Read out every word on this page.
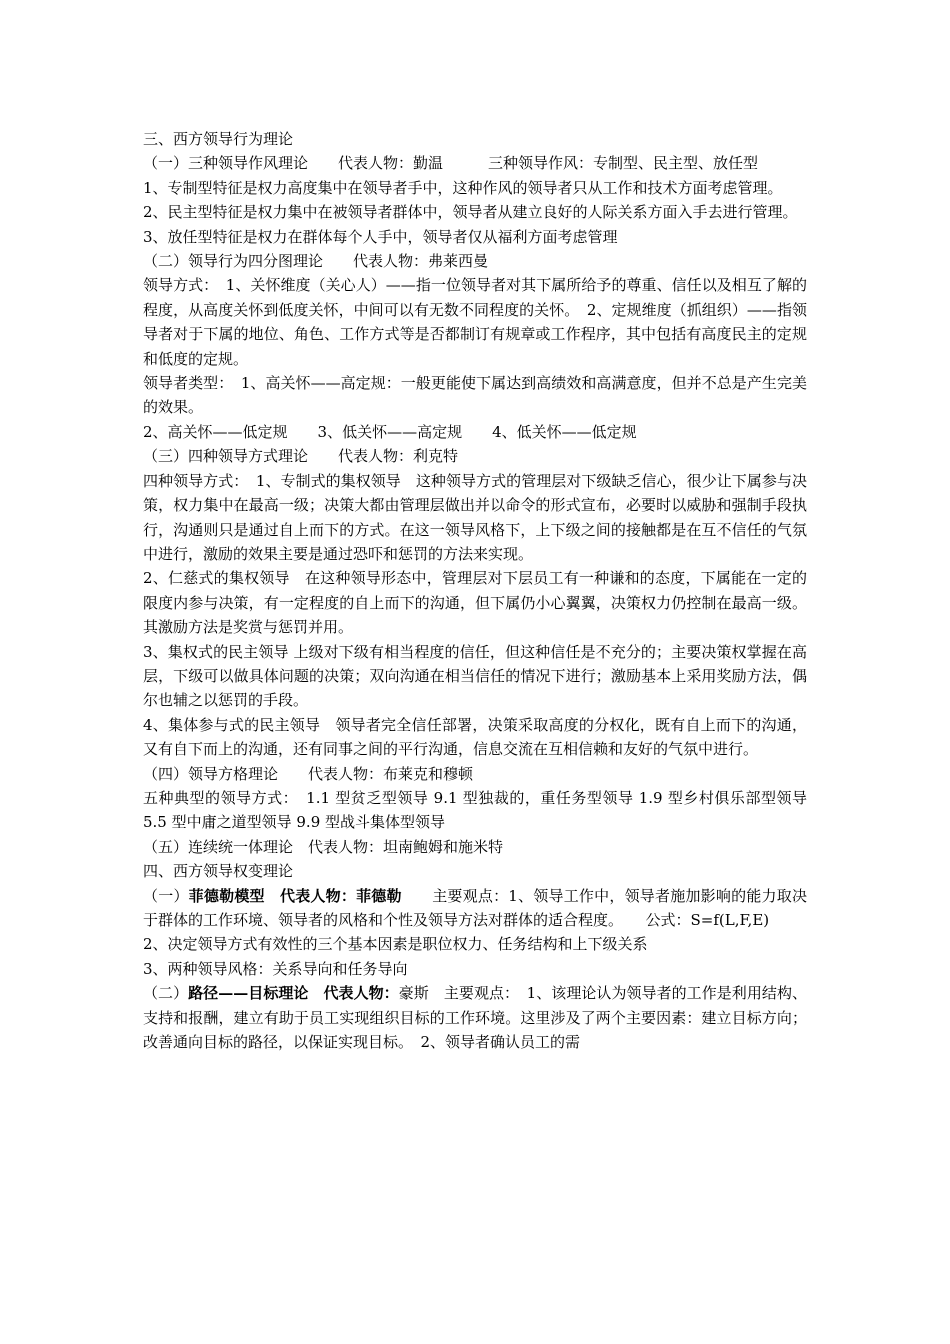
三、西方领导行为理论

（一）三种领导作风理论　　代表人物：勤温　　　三种领导作风：专制型、民主型、放任型

1、专制型特征是权力高度集中在领导者手中，这种作风的领导者只从工作和技术方面考虑管理。

2、民主型特征是权力集中在被领导者群体中，领导者从建立良好的人际关系方面入手去进行管理。

3、放任型特征是权力在群体每个人手中，领导者仅从福利方面考虑管理

（二）领导行为四分图理论　　代表人物：弗莱西曼

领导方式：　1、关怀维度（关心人）——指一位领导者对其下属所给予的尊重、信任以及相互了解的程度，从高度关怀到低度关怀，中间可以有无数不同程度的关怀。　2、定规维度（抓组织）——指领导者对于下属的地位、角色、工作方式等是否都制订有规章或工作程序，其中包括有高度民主的定规和低度的定规。

领导者类型：　1、高关怀——高定规：一般更能使下属达到高绩效和高满意度，但并不总是产生完美的效果。

2、高关怀——低定规　　3、低关怀——高定规　　4、低关怀——低定规

（三）四种领导方式理论　　代表人物：利克特

四种领导方式：　1、专制式的集权领导　这种领导方式的管理层对下级缺乏信心，很少让下属参与决策，权力集中在最高一级；决策大都由管理层做出并以命令的形式宣布，必要时以威胁和强制手段执行，沟通则只是通过自上而下的方式。在这一领导风格下，上下级之间的接触都是在互不信任的气氛中进行，激励的效果主要是通过恐吓和惩罚的方法来实现。

2、仁慈式的集权领导　在这种领导形态中，管理层对下层员工有一种谦和的态度，下属能在一定的限度内参与决策，有一定程度的自上而下的沟通，但下属仍小心翼翼，决策权力仍控制在最高一级。其激励方法是奖赏与惩罚并用。

3、集权式的民主领导 上级对下级有相当程度的信任，但这种信任是不充分的；主要决策权掌握在高层，下级可以做具体问题的决策；双向沟通在相当信任的情况下进行；激励基本上采用奖励方法，偶尔也辅之以惩罚的手段。

4、集体参与式的民主领导　领导者完全信任部署，决策采取高度的分权化，既有自上而下的沟通，又有自下而上的沟通，还有同事之间的平行沟通，信息交流在互相信赖和友好的气氛中进行。

（四）领导方格理论　　代表人物：布莱克和穆顿

五种典型的领导方式：　1.1 型贫乏型领导 9.1 型独裁的，重任务型领导 1.9 型乡村俱乐部型领导 5.5 型中庸之道型领导 9.9 型战斗集体型领导

（五）连续统一体理论　代表人物：坦南鲍姆和施米特

四、西方领导权变理论

（一）菲德勒模型　代表人物：菲德勒　　主要观点：1、领导工作中，领导者施加影响的能力取决于群体的工作环境、领导者的风格和个性及领导方法对群体的适合程度。　　公式：S=f(L,F,E)

2、决定领导方式有效性的三个基本因素是职位权力、任务结构和上下级关系

3、两种领导风格：关系导向和任务导向

（二）路径——目标理论　代表人物：豪斯　主要观点：　1、该理论认为领导者的工作是利用结构、支持和报酬，建立有助于员工实现组织目标的工作环境。这里涉及了两个主要因素：建立目标方向；改善通向目标的路径，以保证实现目标。　2、领导者确认员工的需
